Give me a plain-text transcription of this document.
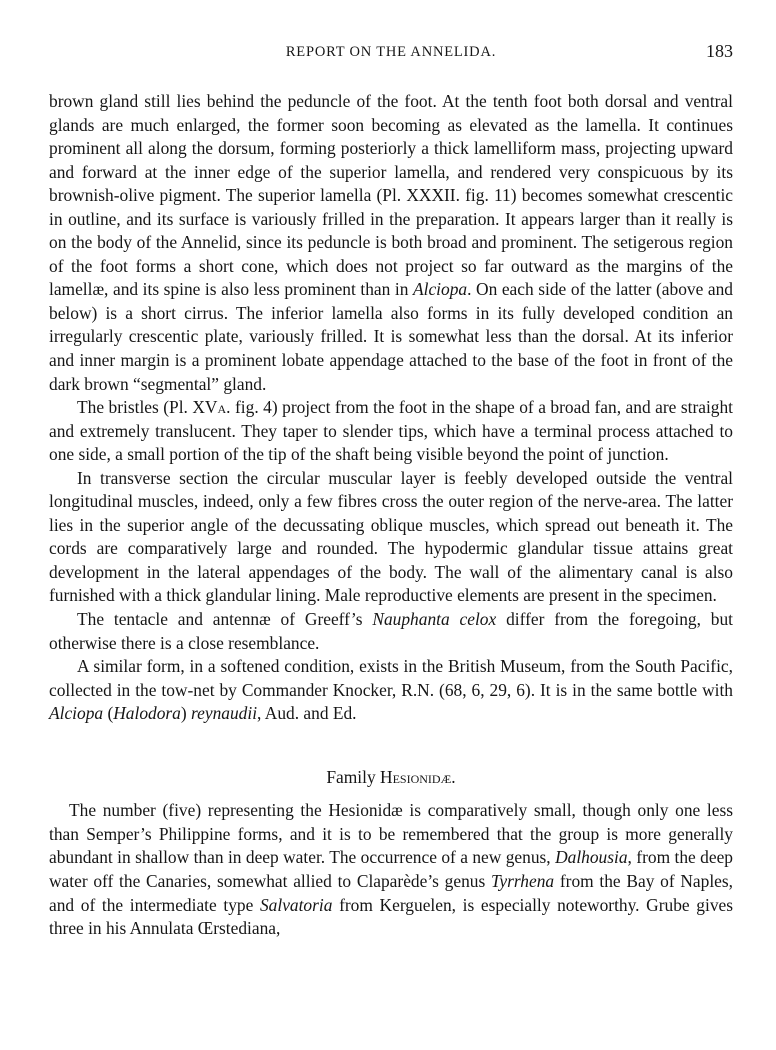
REPORT ON THE ANNELIDA.	183

brown gland still lies behind the peduncle of the foot. At the tenth foot both dorsal and ventral glands are much enlarged, the former soon becoming as elevated as the lamella. It continues prominent all along the dorsum, forming posteriorly a thick lamelliform mass, projecting upward and forward at the inner edge of the superior lamella, and rendered very conspicuous by its brownish-olive pigment. The superior lamella (Pl. XXXII. fig. 11) becomes somewhat crescentic in outline, and its surface is variously frilled in the preparation. It appears larger than it really is on the body of the Annelid, since its peduncle is both broad and prominent. The setigerous region of the foot forms a short cone, which does not project so far outward as the margins of the lamellæ, and its spine is also less prominent than in Alciopa. On each side of the latter (above and below) is a short cirrus. The inferior lamella also forms in its fully developed condition an irregularly crescentic plate, variously frilled. It is somewhat less than the dorsal. At its inferior and inner margin is a prominent lobate appendage attached to the base of the foot in front of the dark brown “segmental” gland.

The bristles (Pl. XVa. fig. 4) project from the foot in the shape of a broad fan, and are straight and extremely translucent. They taper to slender tips, which have a terminal process attached to one side, a small portion of the tip of the shaft being visible beyond the point of junction.

In transverse section the circular muscular layer is feebly developed outside the ventral longitudinal muscles, indeed, only a few fibres cross the outer region of the nerve-area. The latter lies in the superior angle of the decussating oblique muscles, which spread out beneath it. The cords are comparatively large and rounded. The hypodermic glandular tissue attains great development in the lateral appendages of the body. The wall of the alimentary canal is also furnished with a thick glandular lining. Male reproductive elements are present in the specimen.

The tentacle and antennæ of Greeff’s Nauphanta celox differ from the foregoing, but otherwise there is a close resemblance.

A similar form, in a softened condition, exists in the British Museum, from the South Pacific, collected in the tow-net by Commander Knocker, R.N. (68, 6, 29, 6). It is in the same bottle with Alciopa (Halodora) reynaudii, Aud. and Ed.

Family Hesionidæ.

The number (five) representing the Hesionidæ is comparatively small, though only one less than Semper’s Philippine forms, and it is to be remembered that the group is more generally abundant in shallow than in deep water. The occurrence of a new genus, Dalhousia, from the deep water off the Canaries, somewhat allied to Claparède’s genus Tyrrhena from the Bay of Naples, and of the intermediate type Salvatoria from Kerguelen, is especially noteworthy. Grube gives three in his Annulata Œrstediana,
